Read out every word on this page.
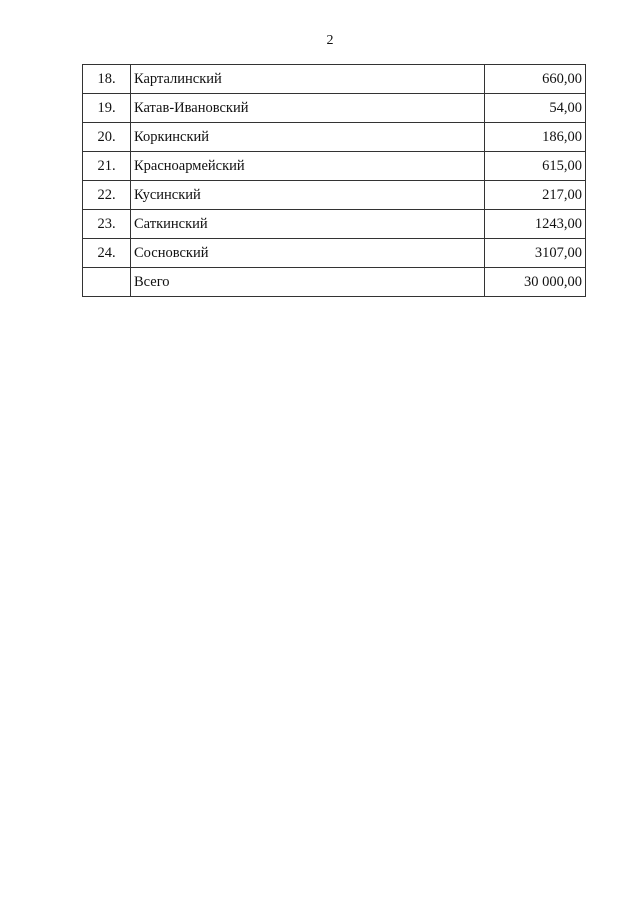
2
18.	Карталинский	660,00
19.	Катав-Ивановский	54,00
20.	Коркинский	186,00
21.	Красноармейский	615,00
22.	Кусинский	217,00
23.	Саткинский	1243,00
24.	Сосновский	3107,00
	Всего	30 000,00
